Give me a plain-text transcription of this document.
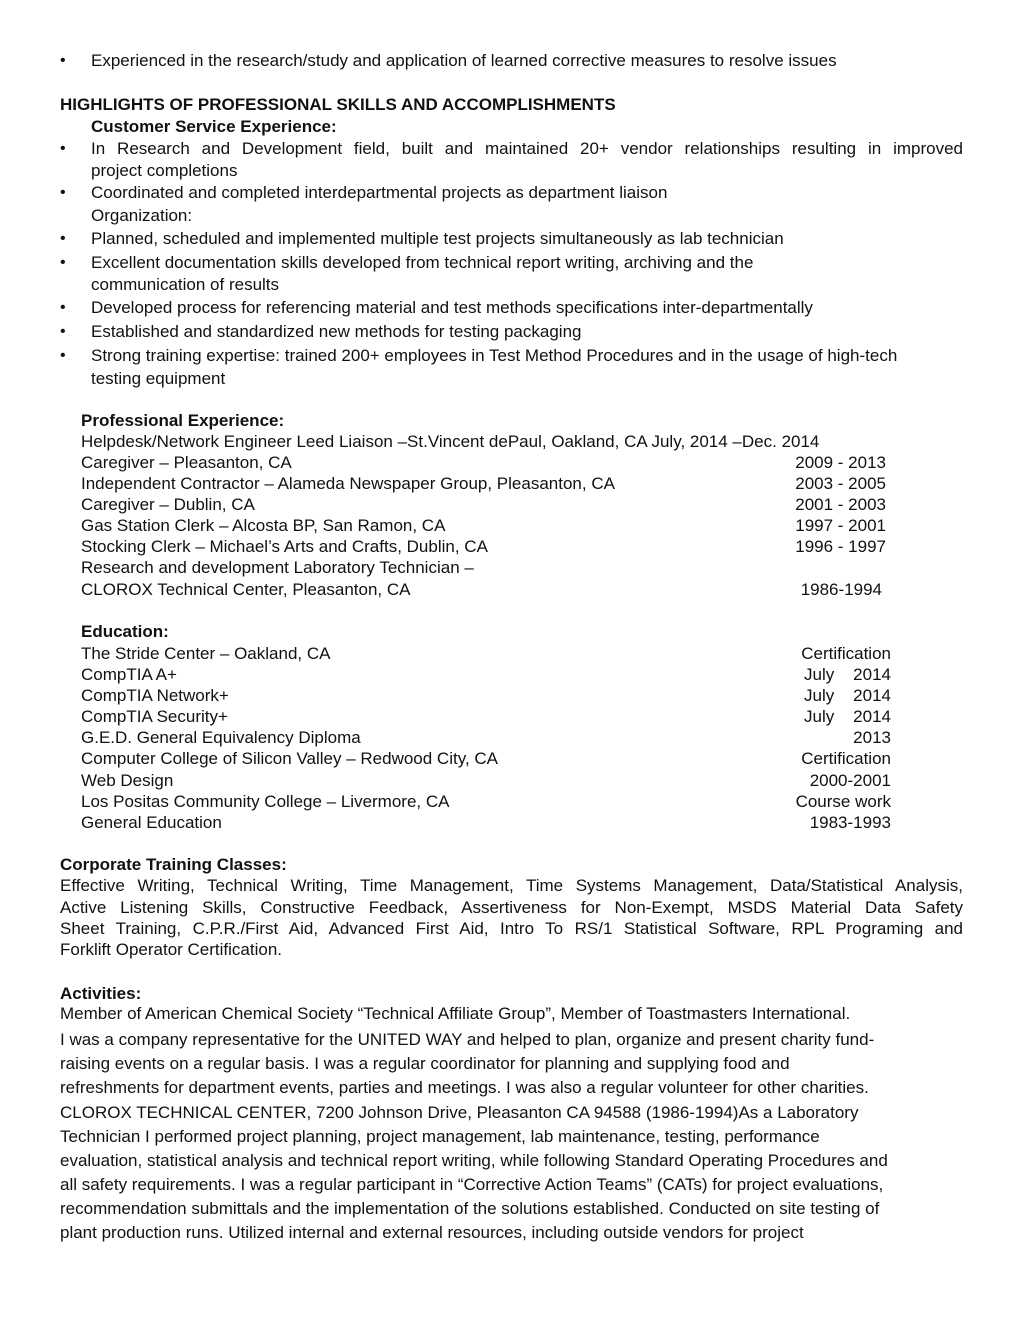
• Experienced in the research/study and application of learned corrective measures to resolve issues
HIGHLIGHTS OF PROFESSIONAL SKILLS AND ACCOMPLISHMENTS
Customer Service Experience:
• In Research and Development field, built and maintained 20+ vendor relationships resulting in improved
project completions
• Coordinated and completed interdepartmental projects as department liaison
Organization:
• Planned, scheduled and implemented multiple test projects simultaneously as lab technician
• Excellent documentation skills developed from technical report writing, archiving and the
communication of results
• Developed process for referencing material and test methods specifications inter-departmentally
• Established and standardized new methods for testing packaging
• Strong training expertise: trained 200+ employees in Test Method Procedures and in the usage of high-tech
testing equipment
Professional Experience:
Helpdesk/Network Engineer Leed Liaison –St.Vincent dePaul, Oakland, CA July, 2014 –Dec. 2014
Caregiver – Pleasanton, CA	2009 - 2013
Independent Contractor – Alameda Newspaper Group, Pleasanton, CA	2003 - 2005
Caregiver – Dublin, CA	2001 - 2003
Gas Station Clerk – Alcosta BP, San Ramon, CA	1997 - 2001
Stocking Clerk – Michael’s Arts and Crafts, Dublin, CA	1996 - 1997
Research and development Laboratory Technician –
CLOROX Technical Center, Pleasanton, CA	1986-1994
Education:
The Stride Center – Oakland, CA	Certification
CompTIA A+	July    2014
CompTIA Network+	July    2014
CompTIA Security+	July    2014
G.E.D. General Equivalency Diploma	2013
Computer College of Silicon Valley – Redwood City, CA	Certification
Web Design	2000-2001
Los Positas Community College – Livermore, CA	Course work
General Education	1983-1993
Corporate Training Classes:
Effective Writing, Technical Writing, Time Management, Time Systems Management, Data/Statistical Analysis,
Active Listening Skills, Constructive Feedback, Assertiveness for Non-Exempt, MSDS Material Data Safety
Sheet Training, C.P.R./First Aid, Advanced First Aid, Intro To RS/1 Statistical Software, RPL Programing and
Forklift Operator Certification.
Activities:
Member of American Chemical Society “Technical Affiliate Group”, Member of Toastmasters International.
I was a company representative for the UNITED WAY and helped to plan, organize and present charity fund-
raising events on a regular basis. I was a regular coordinator for planning and supplying food and
refreshments for department events, parties and meetings. I was also a regular volunteer for other charities.
CLOROX TECHNICAL CENTER, 7200 Johnson Drive, Pleasanton CA 94588 (1986-1994)As a Laboratory
Technician I performed project planning, project management, lab maintenance, testing, performance
evaluation, statistical analysis and technical report writing, while following Standard Operating Procedures and
all safety requirements. I was a regular participant in “Corrective Action Teams” (CATs) for project evaluations,
recommendation submittals and the implementation of the solutions established. Conducted on site testing of
plant production runs. Utilized internal and external resources, including outside vendors for project
